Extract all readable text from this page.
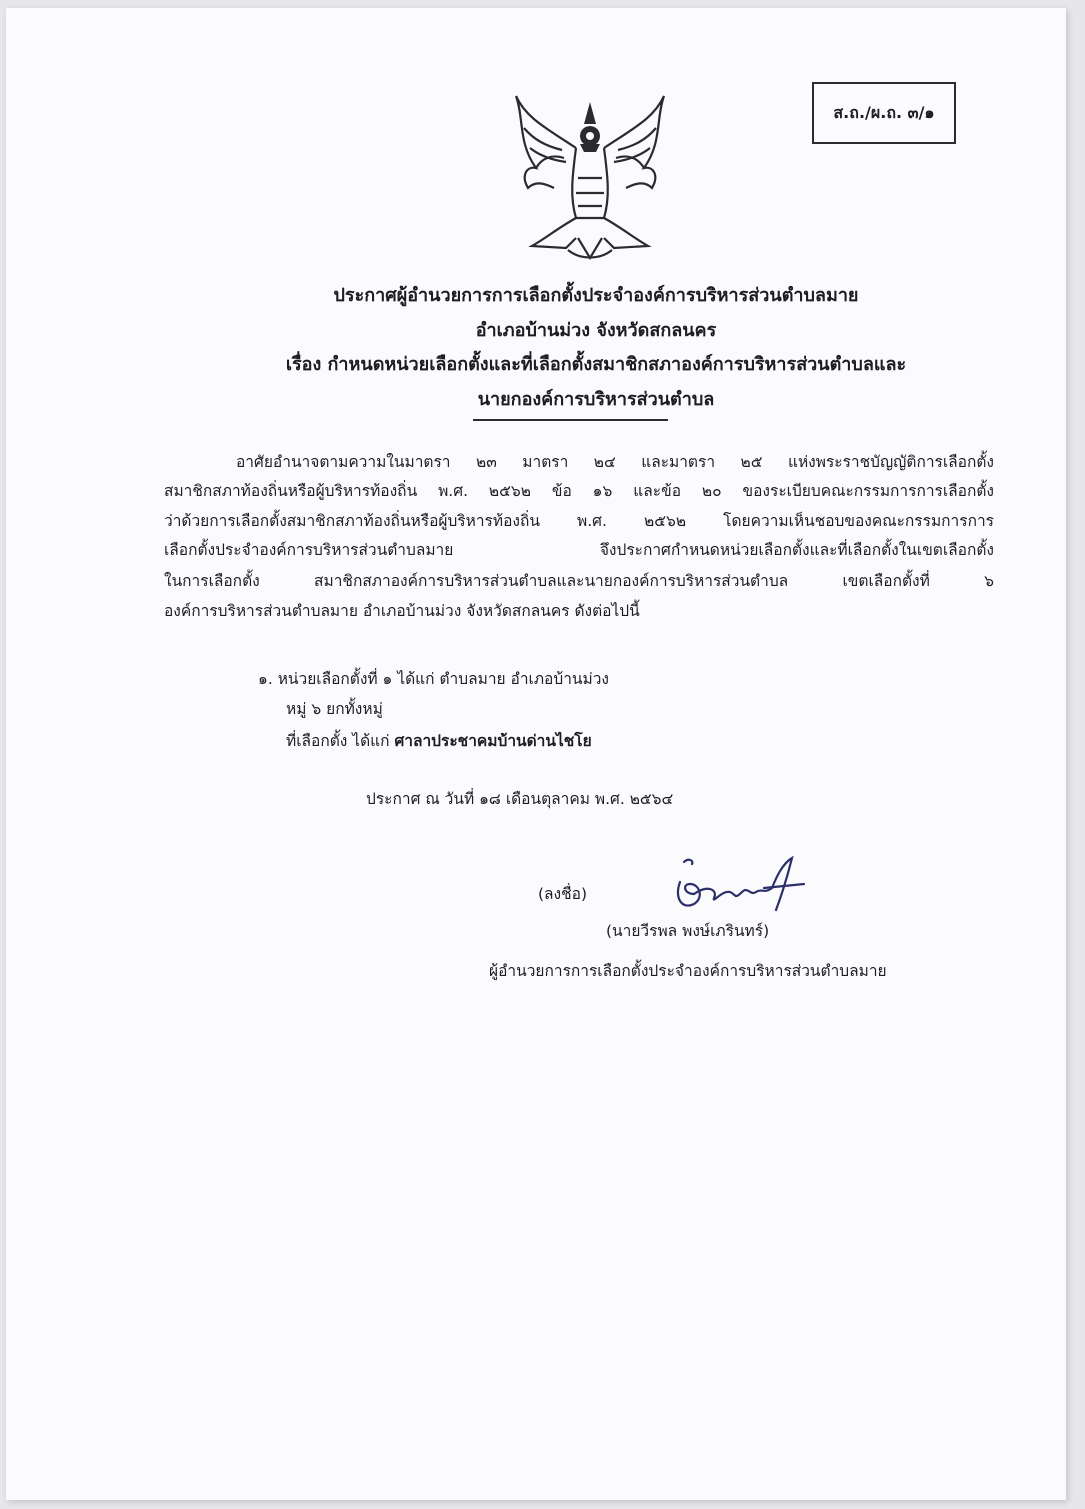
ส.ถ./ผ.ถ. ๓/๑
ประกาศผู้อำนวยการการเลือกตั้งประจำองค์การบริหารส่วนตำบลมาย
อำเภอบ้านม่วง จังหวัดสกลนคร
เรื่อง กำหนดหน่วยเลือกตั้งและที่เลือกตั้งสมาชิกสภาองค์การบริหารส่วนตำบลและ
นายกองค์การบริหารส่วนตำบล
อาศัยอำนาจตามความในมาตรา ๒๓ มาตรา ๒๔ และมาตรา ๒๕ แห่งพระราชบัญญัติการเลือกตั้ง
สมาชิกสภาท้องถิ่นหรือผู้บริหารท้องถิ่น พ.ศ. ๒๕๖๒ ข้อ ๑๖ และข้อ ๒๐ ของระเบียบคณะกรรมการการเลือกตั้ง
ว่าด้วยการเลือกตั้งสมาชิกสภาท้องถิ่นหรือผู้บริหารท้องถิ่น พ.ศ. ๒๕๖๒ โดยความเห็นชอบของคณะกรรมการการ
เลือกตั้งประจำองค์การบริหารส่วนตำบลมาย จึงประกาศกำหนดหน่วยเลือกตั้งและที่เลือกตั้งในเขตเลือกตั้ง
ในการเลือกตั้ง สมาชิกสภาองค์การบริหารส่วนตำบลและนายกองค์การบริหารส่วนตำบล เขตเลือกตั้งที่ ๖
องค์การบริหารส่วนตำบลมาย อำเภอบ้านม่วง จังหวัดสกลนคร ดังต่อไปนี้
๑. หน่วยเลือกตั้งที่ ๑ ได้แก่ ตำบลมาย อำเภอบ้านม่วง
หมู่ ๖ ยกทั้งหมู่
ที่เลือกตั้ง ได้แก่ ศาลาประชาคมบ้านด่านไชโย
ประกาศ ณ วันที่ ๑๘ เดือนตุลาคม พ.ศ. ๒๕๖๔
(ลงชื่อ)
(นายวีรพล พงษ์เภรินทร์)
ผู้อำนวยการการเลือกตั้งประจำองค์การบริหารส่วนตำบลมาย
